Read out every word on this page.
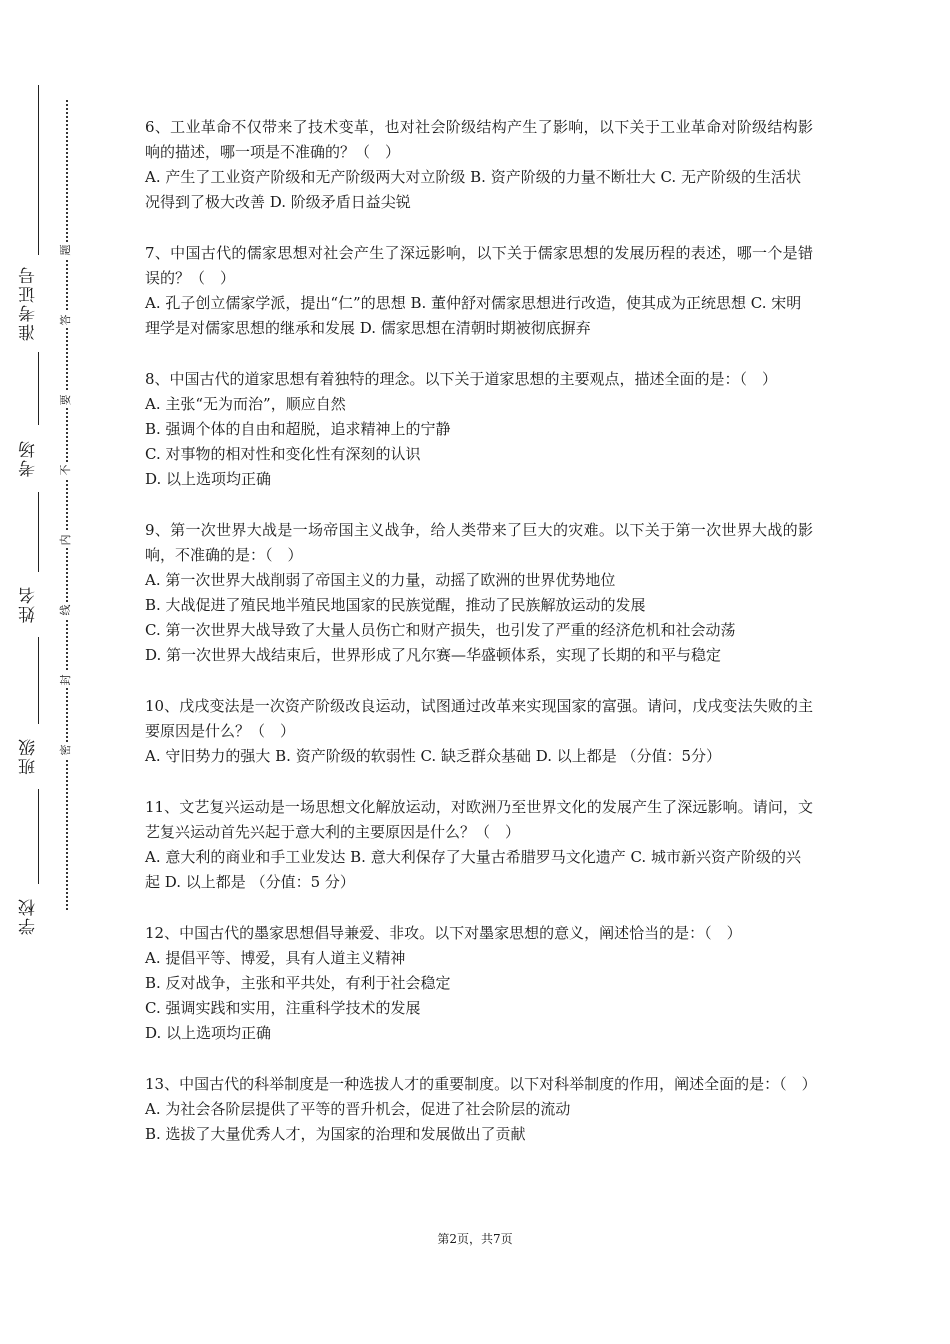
准考证号
考场
姓名
班级
学校
密
封
线
内
不
要
答
题

6、工业革命不仅带来了技术变革，也对社会阶级结构产生了影响，以下关于工业革命对阶级结构影响的描述，哪一项是不准确的？（　）

A. 产生了工业资产阶级和无产阶级两大对立阶级 B. 资产阶级的力量不断壮大 C. 无产阶级的生活状况得到了极大改善 D. 阶级矛盾日益尖锐

7、中国古代的儒家思想对社会产生了深远影响，以下关于儒家思想的发展历程的表述，哪一个是错误的？（　）

A. 孔子创立儒家学派，提出“仁”的思想 B. 董仲舒对儒家思想进行改造，使其成为正统思想 C. 宋明理学是对儒家思想的继承和发展 D. 儒家思想在清朝时期被彻底摒弃

8、中国古代的道家思想有着独特的理念。以下关于道家思想的主要观点，描述全面的是：（　）

A. 主张“无为而治”，顺应自然

B. 强调个体的自由和超脱，追求精神上的宁静

C. 对事物的相对性和变化性有深刻的认识

D. 以上选项均正确

9、第一次世界大战是一场帝国主义战争，给人类带来了巨大的灾难。以下关于第一次世界大战的影响，不准确的是：（　）

A. 第一次世界大战削弱了帝国主义的力量，动摇了欧洲的世界优势地位

B. 大战促进了殖民地半殖民地国家的民族觉醒，推动了民族解放运动的发展

C. 第一次世界大战导致了大量人员伤亡和财产损失，也引发了严重的经济危机和社会动荡

D. 第一次世界大战结束后，世界形成了凡尔赛—华盛顿体系，实现了长期的和平与稳定

10、戊戌变法是一次资产阶级改良运动，试图通过改革来实现国家的富强。请问，戊戌变法失败的主要原因是什么？（　）

A. 守旧势力的强大 B. 资产阶级的软弱性 C. 缺乏群众基础 D. 以上都是 （分值：5分）

11、文艺复兴运动是一场思想文化解放运动，对欧洲乃至世界文化的发展产生了深远影响。请问，文艺复兴运动首先兴起于意大利的主要原因是什么？（　）

A. 意大利的商业和手工业发达 B. 意大利保存了大量古希腊罗马文化遗产 C. 城市新兴资产阶级的兴起 D. 以上都是 （分值：5 分）

12、中国古代的墨家思想倡导兼爱、非攻。以下对墨家思想的意义，阐述恰当的是：（　）

A. 提倡平等、博爱，具有人道主义精神

B. 反对战争，主张和平共处，有利于社会稳定

C. 强调实践和实用，注重科学技术的发展

D. 以上选项均正确

13、中国古代的科举制度是一种选拔人才的重要制度。以下对科举制度的作用，阐述全面的是：（　）

A. 为社会各阶层提供了平等的晋升机会，促进了社会阶层的流动

B. 选拔了大量优秀人才，为国家的治理和发展做出了贡献

第2页，共7页
